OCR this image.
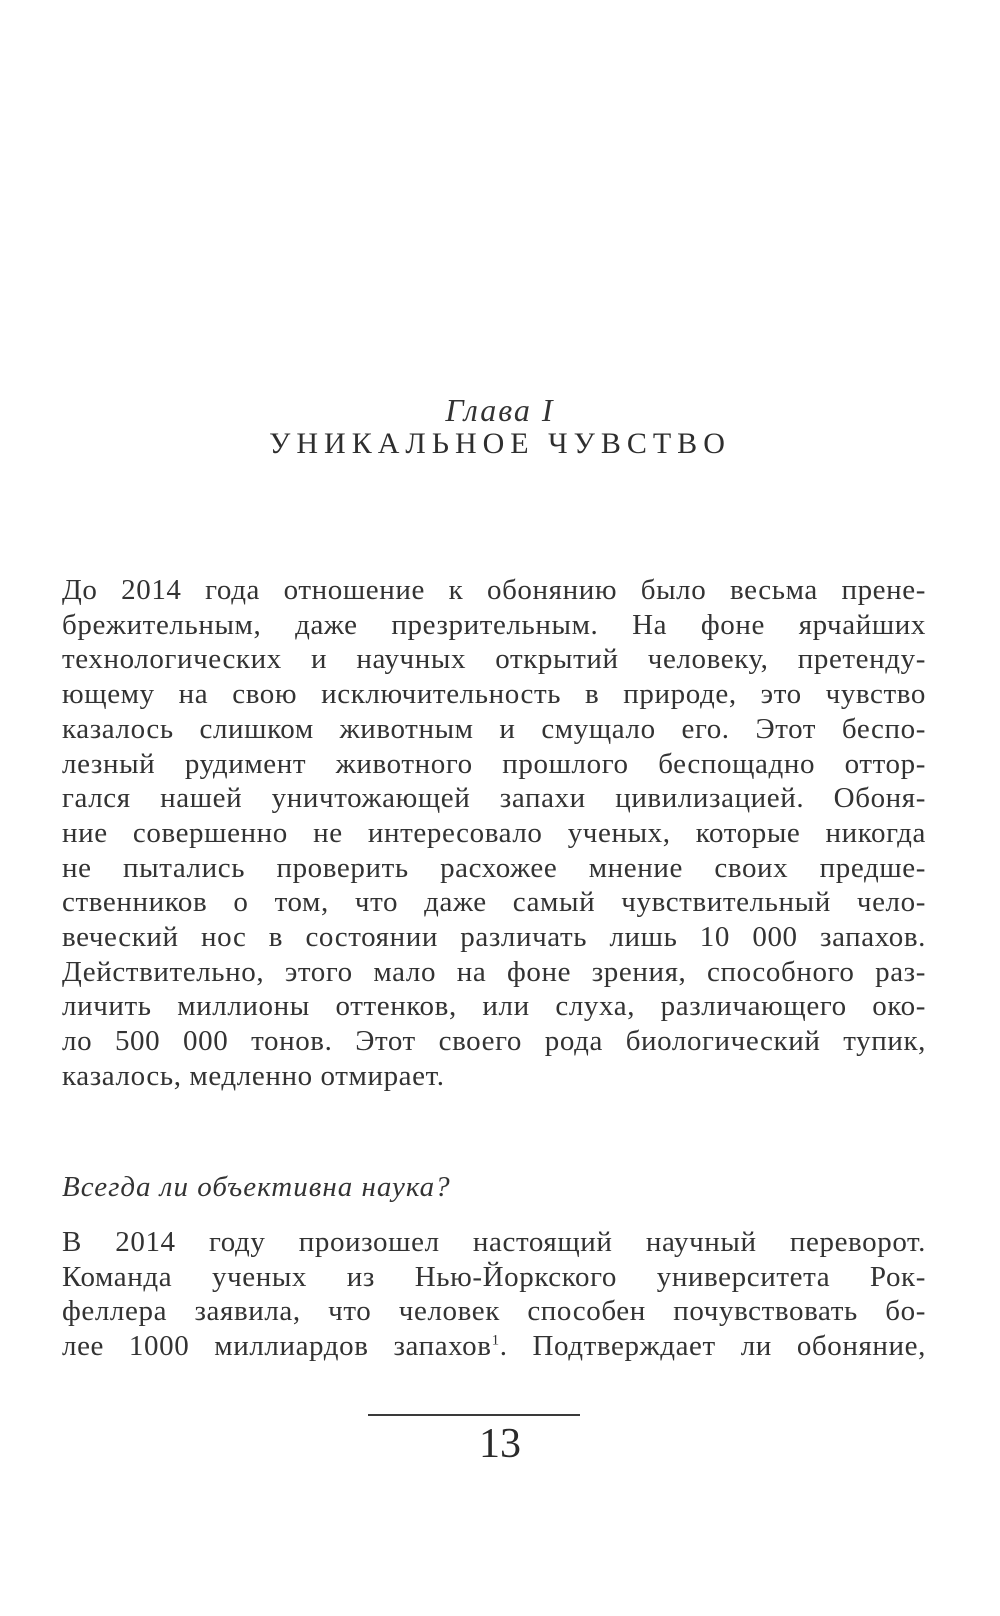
Глава I
УНИКАЛЬНОЕ ЧУВСТВО
До 2014 года отношение к обонянию было весьма прене-
брежительным, даже презрительным. На фоне ярчайших
технологических и научных открытий человеку, претенду-
ющему на свою исключительность в природе, это чувство
казалось слишком животным и смущало его. Этот беспо-
лезный рудимент животного прошлого беспощадно оттор-
гался нашей уничтожающей запахи цивилизацией. Обоня-
ние совершенно не интересовало ученых, которые никогда
не пытались проверить расхожее мнение своих предше-
ственников о том, что даже самый чувствительный чело-
веческий нос в состоянии различать лишь 10 000 запахов.
Действительно, этого мало на фоне зрения, способного раз-
личить миллионы оттенков, или слуха, различающего око-
ло 500 000 тонов. Этот своего рода биологический тупик,
казалось, медленно отмирает.
Всегда ли объективна наука?
В 2014 году произошел настоящий научный переворот.
Команда ученых из Нью-Йоркского университета Рок-
феллера заявила, что человек способен почувствовать бо-
лее 1000 миллиардов запахов$^1$. Подтверждает ли обоняние,
13
